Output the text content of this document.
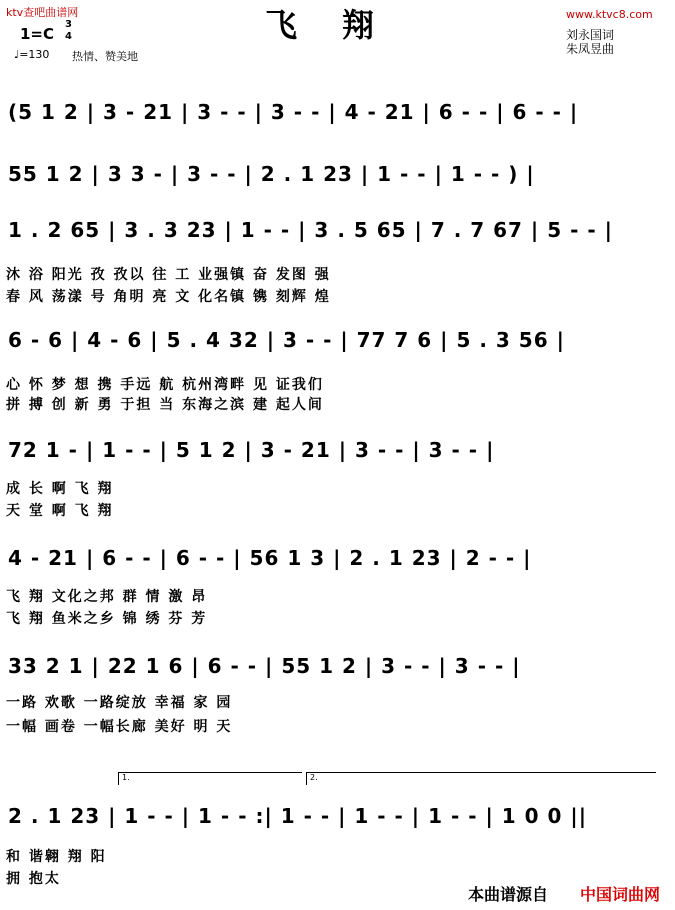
ktv查吧曲谱网	www.ktvc8.com
飞翔
1=C
3
4
♩=130 热情、赞美地
刘永国词
朱凤昱曲
(5 1 2 | 3 - 21 | 3 - - | 3 - - | 4 - 21 | 6 - - | 6 - - |
55 1 2 | 3 3 - | 3 - - | 2 . 1 23 | 1 - - | 1 - - ) |
1 . 2 65 | 3 . 3 23 | 1 - - | 3 . 5 65 | 7 . 7 67 | 5 - - |
沐 浴 阳光 孜 孜以 往 工 业强镇 奋 发图 强
春 风 荡漾 号 角明 亮 文 化名镇 镌 刻辉 煌
6 - 6 | 4 - 6 | 5 . 4 32 | 3 - - | 77 7 6 | 5 . 3 56 |
心 怀 梦 想 携 手远 航 杭州湾畔 见 证我们
拼 搏 创 新 勇 于担 当 东海之滨 建 起人间
72 1 - | 1 - - | 5 1 2 | 3 - 21 | 3 - - | 3 - - |
成 长 啊 飞 翔
天 堂 啊 飞 翔
4 - 21 | 6 - - | 6 - - | 56 1 3 | 2 . 1 23 | 2 - - |
飞 翔 文化之邦 群 情 激 昂
飞 翔 鱼米之乡 锦 绣 芬 芳
33 2 1 | 22 1 6 | 6 - - | 55 1 2 | 3 - - | 3 - - |
一路 欢歌 一路绽放 幸福 家 园
一幅 画卷 一幅长廊 美好 明 天
1.	2.
2 . 1 23 | 1 - - | 1 - - :| 1 - - | 1 - - | 1 - - | 1 0 0 ||
和 谐翱 翔 阳
拥 抱太
本曲谱源自 中国词曲网
